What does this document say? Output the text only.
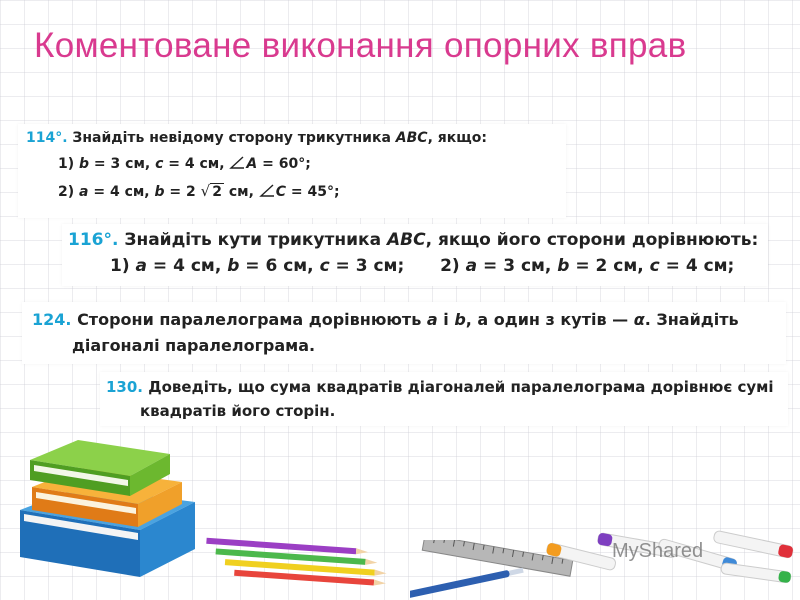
Коментоване виконання опорних вправ
114°. Знайдіть невідому сторону трикутника ABC, якщо:
1) b = 3 см, c = 4 см,
A = 60°;
2) a = 4 см, b = 2 √ 2 см,
C = 45°;
116°. Знайдіть кути трикутника ABC, якщо його сторони дорівнюють:
1) a = 4 см, b = 6 см, c = 3 см; 2) a = 3 см, b = 2 см, c = 4 см;
124. Сторони паралелограма дорівнюють a і b, а один з кутів — α. Знайдіть
діагоналі паралелограма.
130. Доведіть, що сума квадратів діагоналей паралелограма дорівнює сумі
квадратів його сторін.
MyShared
